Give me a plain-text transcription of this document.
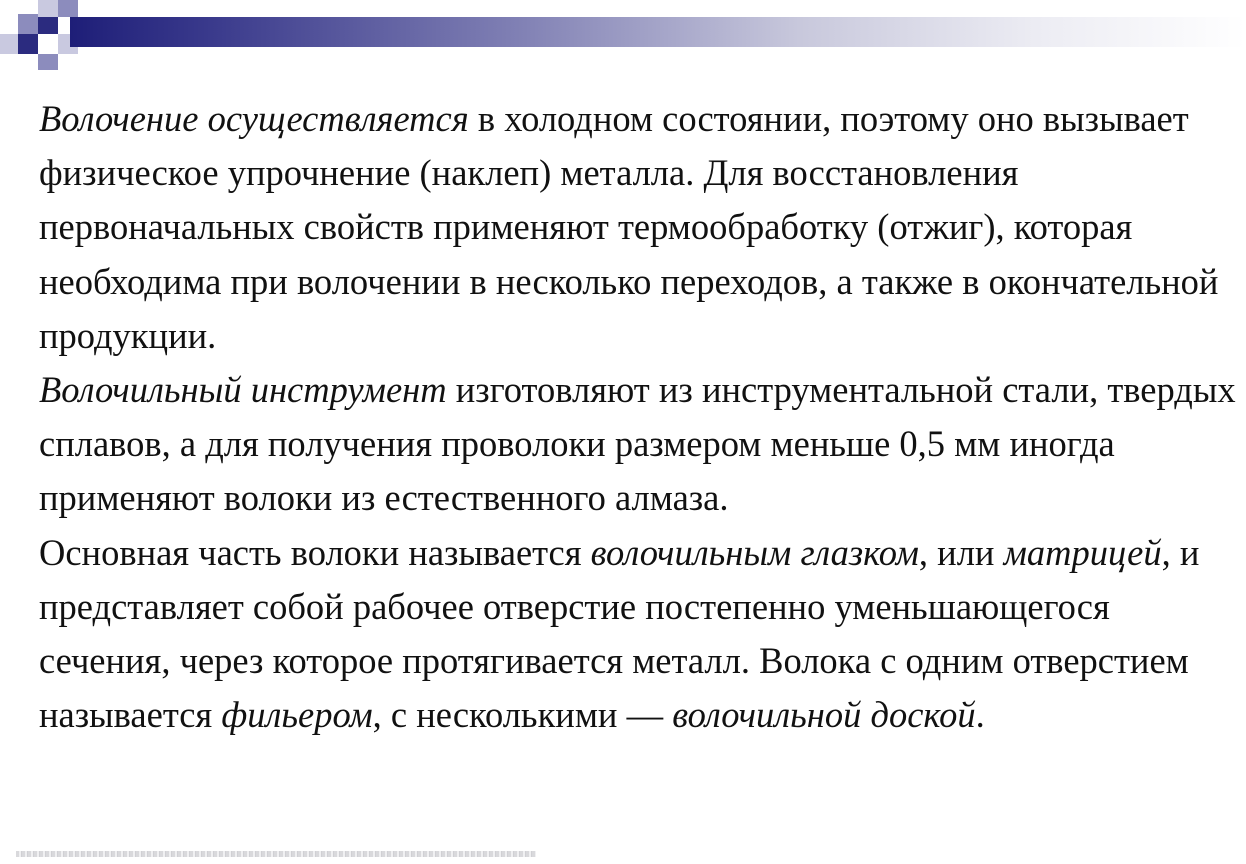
Волочение осуществляется в холодном состоянии, поэтому оно вызывает физическое упрочнение (наклеп) металла. Для восстановления первоначальных свойств применяют термообработку (отжиг), которая необходима при волочении в несколько переходов, а также в окончательной продукции.

Волочильный инструмент изготовляют из инструментальной стали, твердых сплавов, а для получения проволоки размером меньше 0,5 мм иногда применяют волоки из естественного алмаза.

Основная часть волоки называется волочильным глазком, или матрицей, и представляет собой рабочее отверстие постепенно уменьшающегося сечения, через которое протягивается металл. Волока с одним отверстием называется фильером, с несколькими — волочильной доской.
